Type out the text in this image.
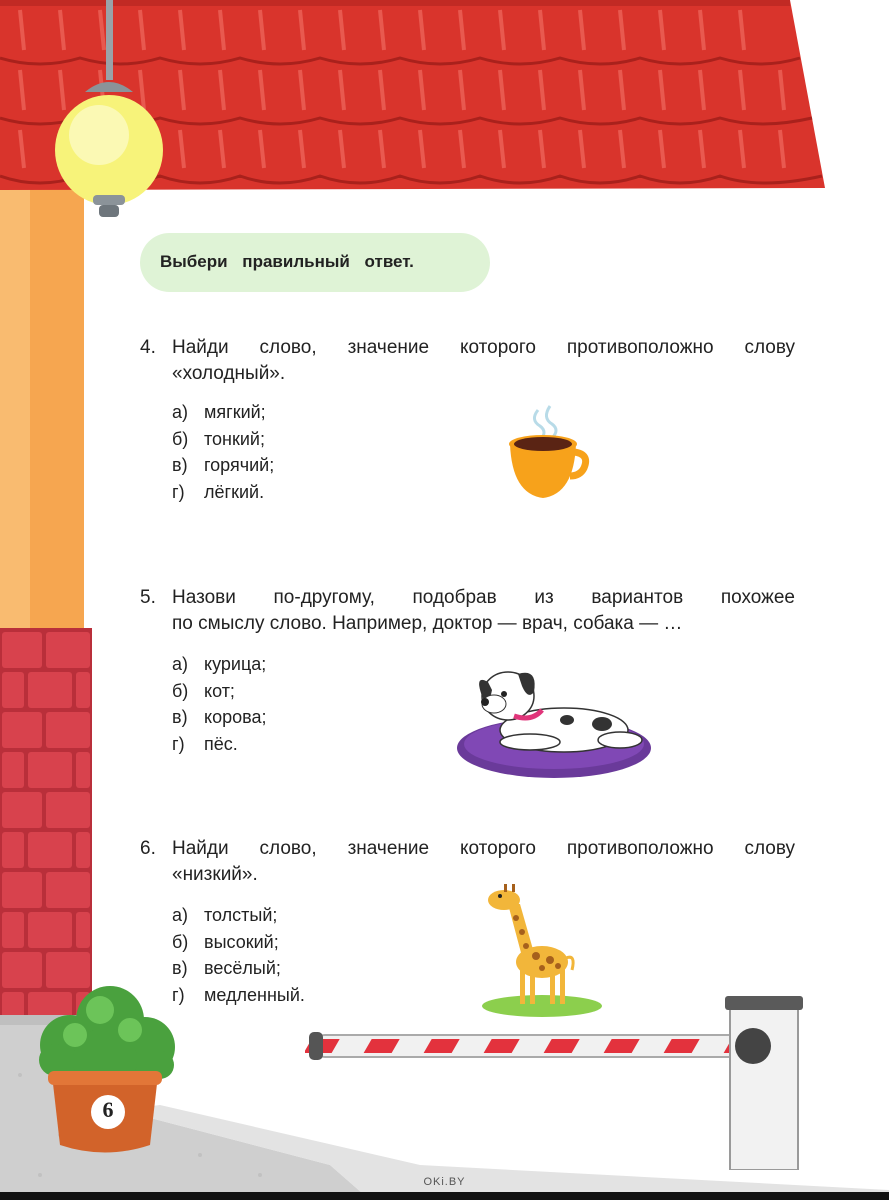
6
Выбери правильный ответ.
4. Найди слово, значение которого противоположно слову
«холодный».
а) мягкий;
б) тонкий;
в) горячий;
г) лёгкий.
5. Назови по-другому, подобрав из вариантов похожее
по смыслу слово. Например, доктор — врач, собака — …
а) курица;
б) кот;
в) корова;
г) пёс.
6. Найди слово, значение которого противоположно слову
«низкий».
а) толстый;
б) высокий;
в) весёлый;
г) медленный.
OKi.BY
